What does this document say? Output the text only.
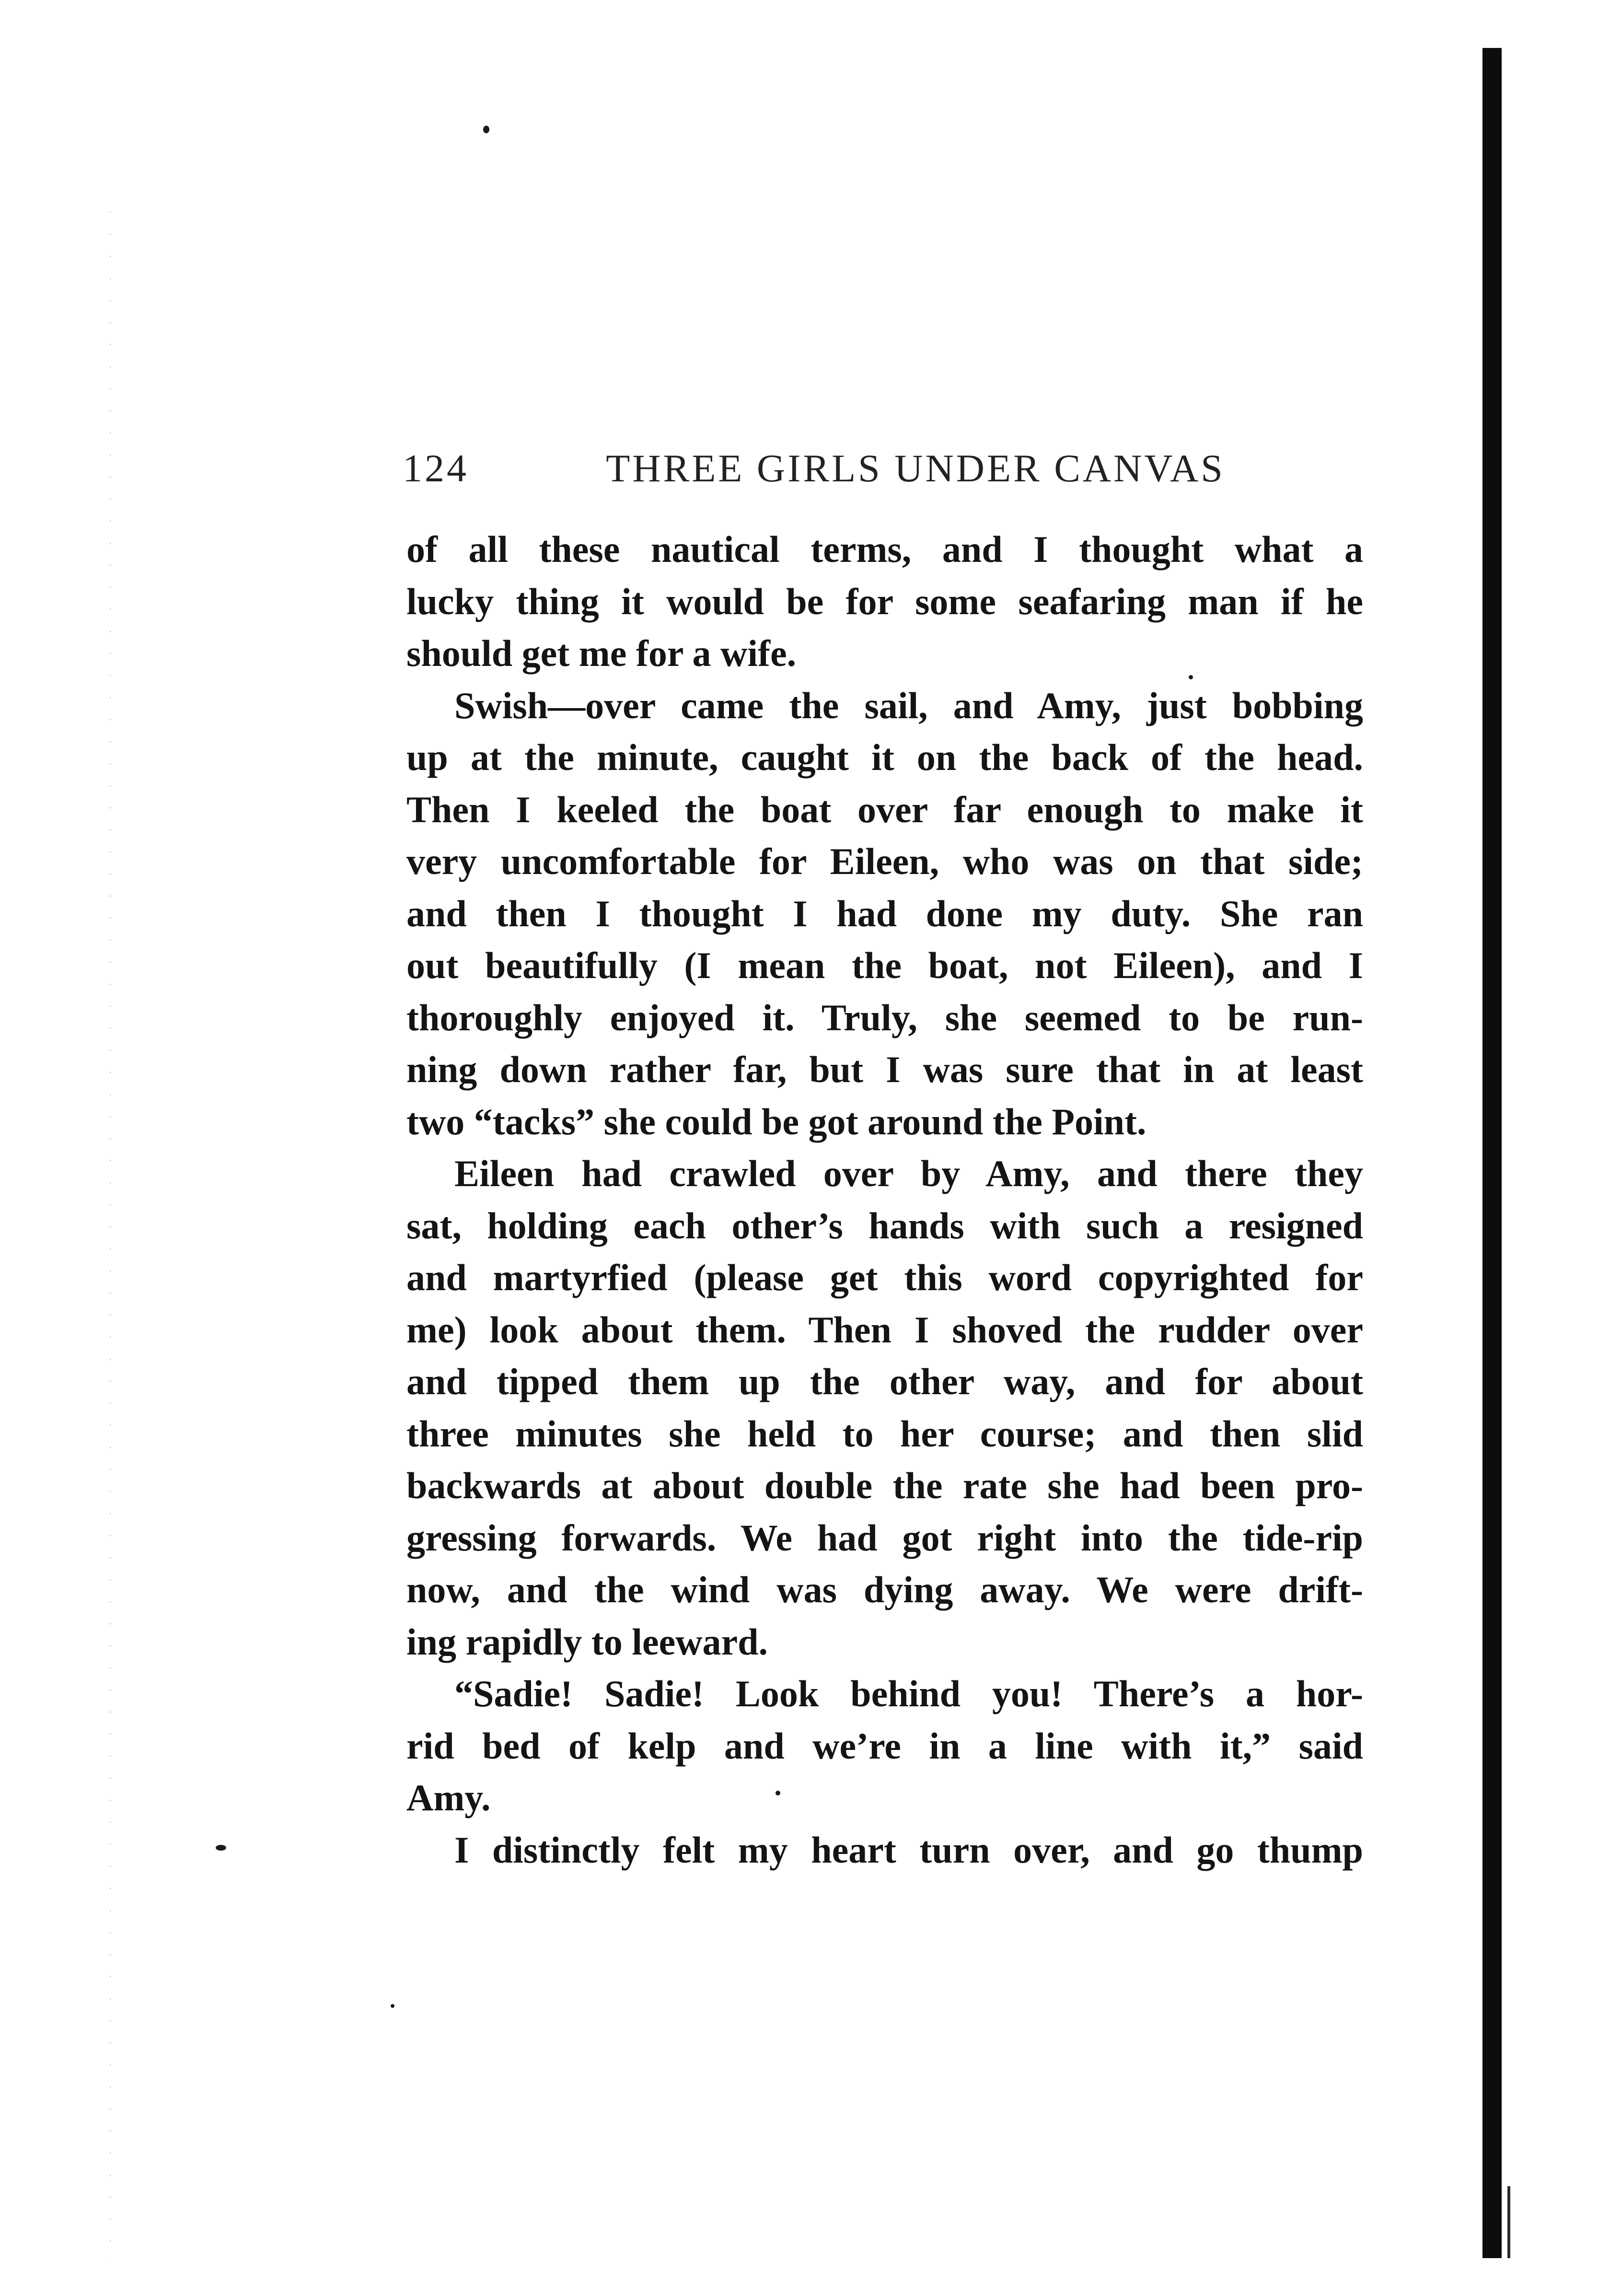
124	THREE GIRLS UNDER CANVAS
of all these nautical terms, and I thought what a
lucky thing it would be for some seafaring man if he
should get me for a wife.
Swish—over came the sail, and Amy, just bobbing
up at the minute, caught it on the back of the head.
Then I keeled the boat over far enough to make it
very uncomfortable for Eileen, who was on that side;
and then I thought I had done my duty. She ran
out beautifully (I mean the boat, not Eileen), and I
thoroughly enjoyed it. Truly, she seemed to be run-
ning down rather far, but I was sure that in at least
two “tacks” she could be got around the Point.
Eileen had crawled over by Amy, and there they
sat, holding each other’s hands with such a resigned
and martyrfied (please get this word copyrighted for
me) look about them. Then I shoved the rudder over
and tipped them up the other way, and for about
three minutes she held to her course; and then slid
backwards at about double the rate she had been pro-
gressing forwards. We had got right into the tide-rip
now, and the wind was dying away. We were drift-
ing rapidly to leeward.
“Sadie! Sadie! Look behind you! There’s a hor-
rid bed of kelp and we’re in a line with it,” said
Amy.
I distinctly felt my heart turn over, and go thump
